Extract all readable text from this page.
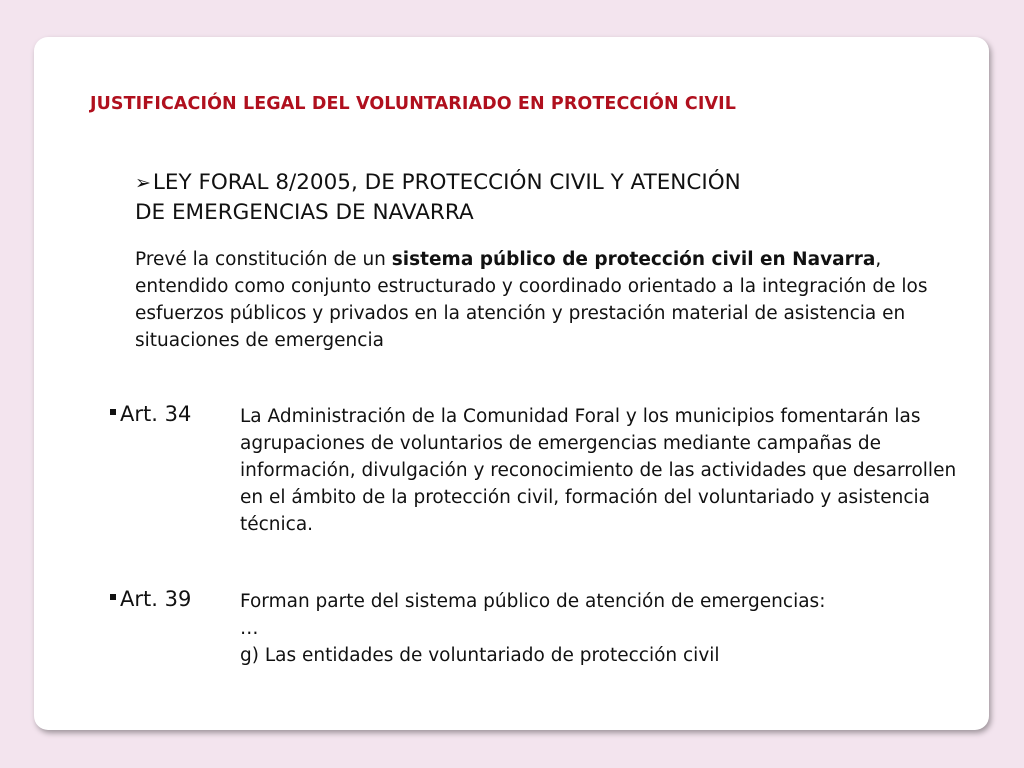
JUSTIFICACIÓN LEGAL DEL VOLUNTARIADO EN PROTECCIÓN CIVIL
➢LEY FORAL 8/2005, DE PROTECCIÓN CIVIL Y ATENCIÓN
DE EMERGENCIAS DE NAVARRA
Prevé la constitución de un sistema público de protección civil en Navarra, entendido como conjunto estructurado y coordinado orientado a la integración de los esfuerzos públicos y privados en la atención y prestación material de asistencia en situaciones de emergencia
Art. 34	La Administración de la Comunidad Foral y los municipios fomentarán las agrupaciones de voluntarios de emergencias mediante campañas de información, divulgación y reconocimiento de las actividades que desarrollen en el ámbito de la protección civil, formación del voluntariado y asistencia técnica.
Art. 39	Forman parte del sistema público de atención de emergencias:
…
g) Las entidades de voluntariado de protección civil
